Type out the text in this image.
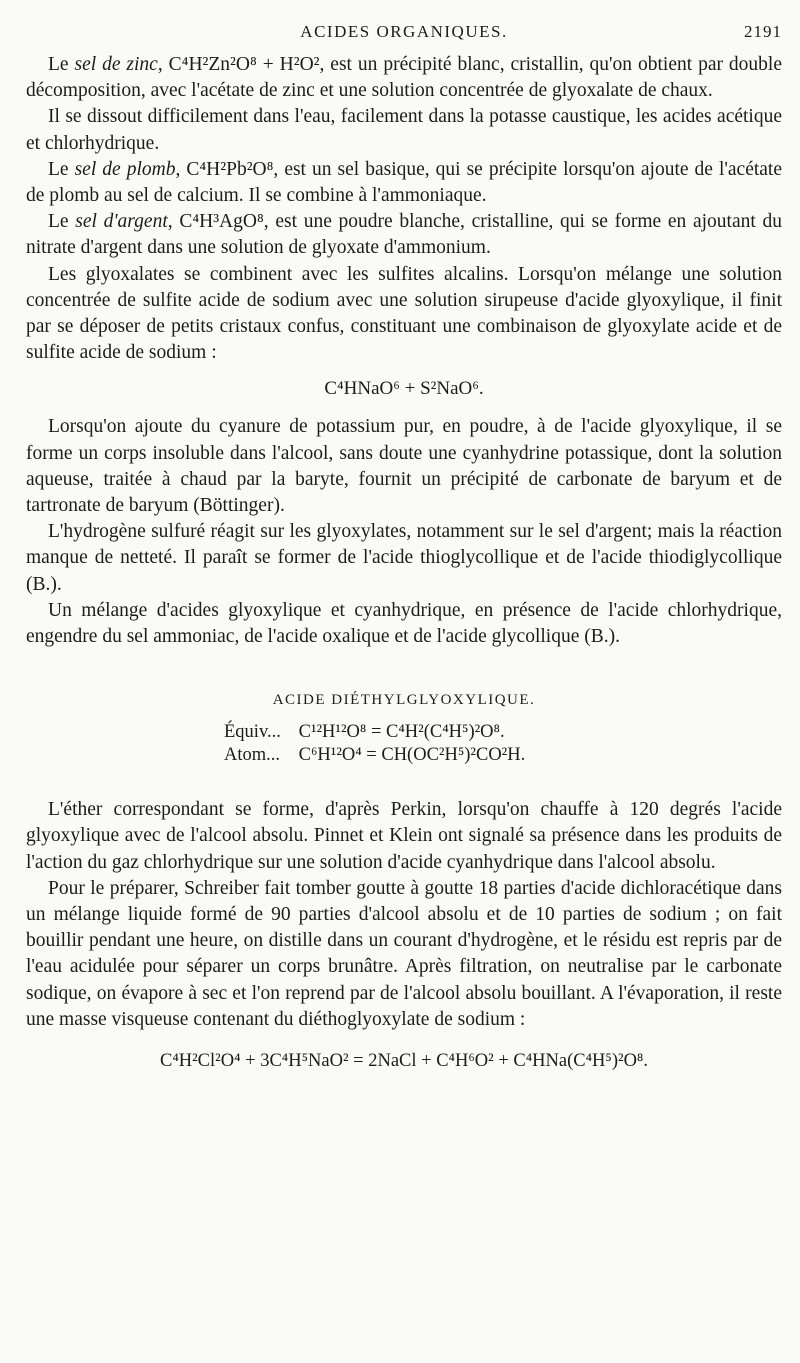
ACIDES ORGANIQUES.	2191

Le sel de zinc, C⁴H²Zn²O⁸ + H²O², est un précipité blanc, cristallin, qu'on obtient par double décomposition, avec l'acétate de zinc et une solution concentrée de glyoxalate de chaux.

Il se dissout difficilement dans l'eau, facilement dans la potasse caustique, les acides acétique et chlorhydrique.

Le sel de plomb, C⁴H²Pb²O⁸, est un sel basique, qui se précipite lorsqu'on ajoute de l'acétate de plomb au sel de calcium. Il se combine à l'ammoniaque.

Le sel d'argent, C⁴H³AgO⁸, est une poudre blanche, cristalline, qui se forme en ajoutant du nitrate d'argent dans une solution de glyoxate d'ammonium.

Les glyoxalates se combinent avec les sulfites alcalins. Lorsqu'on mélange une solution concentrée de sulfite acide de sodium avec une solution sirupeuse d'acide glyoxylique, il finit par se déposer de petits cristaux confus, constituant une combinaison de glyoxylate acide et de sulfite acide de sodium :

C⁴HNaO⁶ + S²NaO⁶.

Lorsqu'on ajoute du cyanure de potassium pur, en poudre, à de l'acide glyoxylique, il se forme un corps insoluble dans l'alcool, sans doute une cyanhydrine potassique, dont la solution aqueuse, traitée à chaud par la baryte, fournit un précipité de carbonate de baryum et de tartronate de baryum (Böttinger).

L'hydrogène sulfuré réagit sur les glyoxylates, notamment sur le sel d'argent; mais la réaction manque de netteté. Il paraît se former de l'acide thioglycollique et de l'acide thiodiglycollique (B.).

Un mélange d'acides glyoxylique et cyanhydrique, en présence de l'acide chlorhydrique, engendre du sel ammoniac, de l'acide oxalique et de l'acide glycollique (B.).

ACIDE DIÉTHYLGLYOXYLIQUE.
Équiv... C¹²H¹²O⁸ = C⁴H²(C⁴H⁵)²O⁸.
Atom... C⁶H¹²O⁴ = CH(OC²H⁵)²CO²H.

L'éther correspondant se forme, d'après Perkin, lorsqu'on chauffe à 120 degrés l'acide glyoxylique avec de l'alcool absolu. Pinnet et Klein ont signalé sa présence dans les produits de l'action du gaz chlorhydrique sur une solution d'acide cyanhydrique dans l'alcool absolu.

Pour le préparer, Schreiber fait tomber goutte à goutte 18 parties d'acide dichloracétique dans un mélange liquide formé de 90 parties d'alcool absolu et de 10 parties de sodium ; on fait bouillir pendant une heure, on distille dans un courant d'hydrogène, et le résidu est repris par de l'eau acidulée pour séparer un corps brunâtre. Après filtration, on neutralise par le carbonate sodique, on évapore à sec et l'on reprend par de l'alcool absolu bouillant. A l'évaporation, il reste une masse visqueuse contenant du diéthoglyoxylate de sodium :

C⁴H²Cl²O⁴ + 3C⁴H⁵NaO² = 2NaCl + C⁴H⁶O² + C⁴HNa(C⁴H⁵)²O⁸.
